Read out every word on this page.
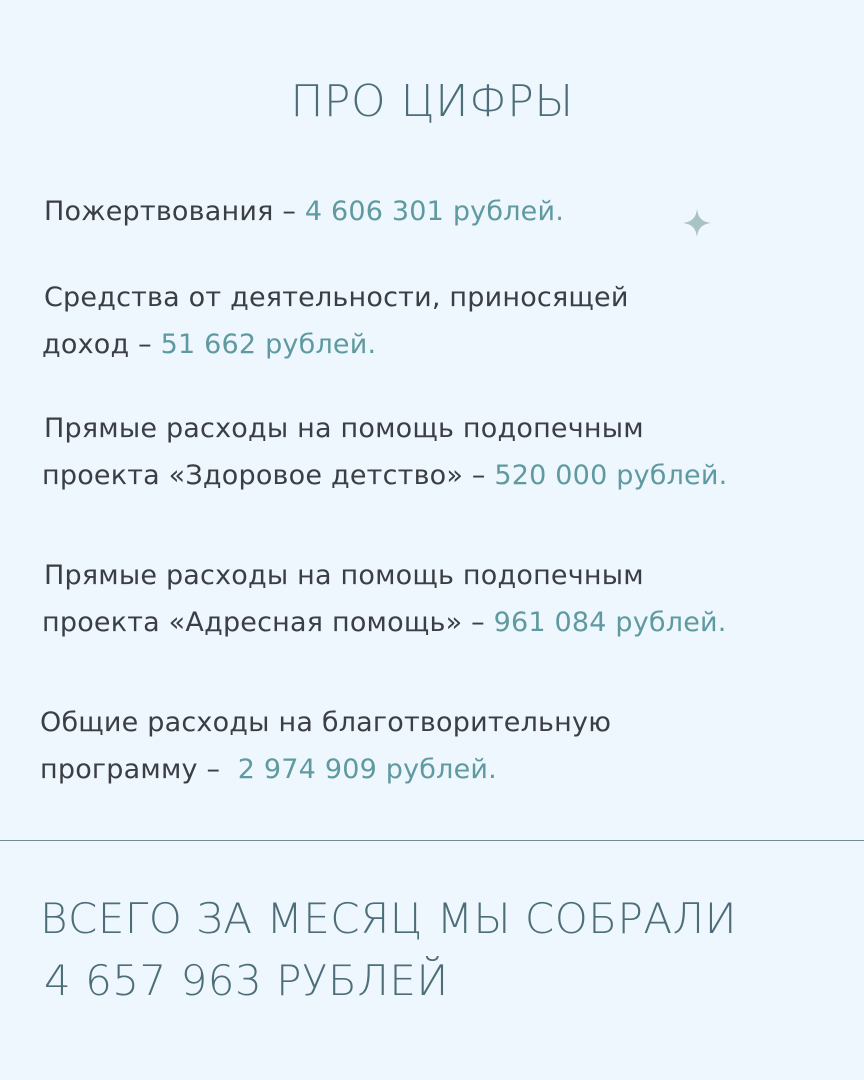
ПРО ЦИФРЫ
Пожертвования – 4 606 301 рублей.
Средства от деятельности, приносящей
доход – 51 662 рублей.
Прямые расходы на помощь подопечным
проекта «Здоровое детство» – 520 000 рублей.
Прямые расходы на помощь подопечным
проекта «Адресная помощь» – 961 084 рублей.
Общие расходы на благотворительную
программу –  2 974 909 рублей.
ВСЕГО ЗА МЕСЯЦ МЫ СОБРАЛИ
4 657 963 РУБЛЕЙ
